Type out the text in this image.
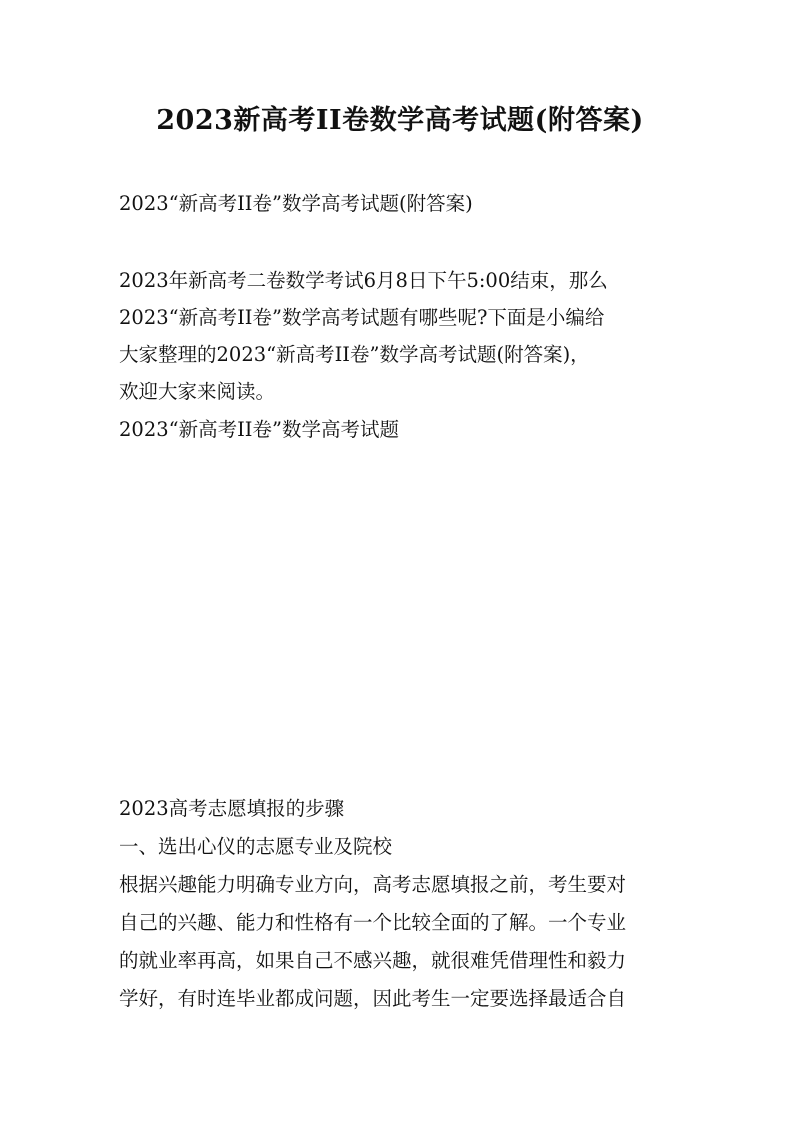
2023新高考II卷数学高考试题(附答案)
2023“新高考II卷”数学高考试题(附答案)
2023年新高考二卷数学考试6月8日下午5:00结束，那么
2023“新高考II卷”数学高考试题有哪些呢?下面是小编给
大家整理的2023“新高考II卷”数学高考试题(附答案)，
欢迎大家来阅读。
2023“新高考II卷”数学高考试题
2023高考志愿填报的步骤
一、选出心仪的志愿专业及院校
根据兴趣能力明确专业方向，高考志愿填报之前，考生要对
自己的兴趣、能力和性格有一个比较全面的了解。一个专业
的就业率再高，如果自己不感兴趣，就很难凭借理性和毅力
学好，有时连毕业都成问题，因此考生一定要选择最适合自
